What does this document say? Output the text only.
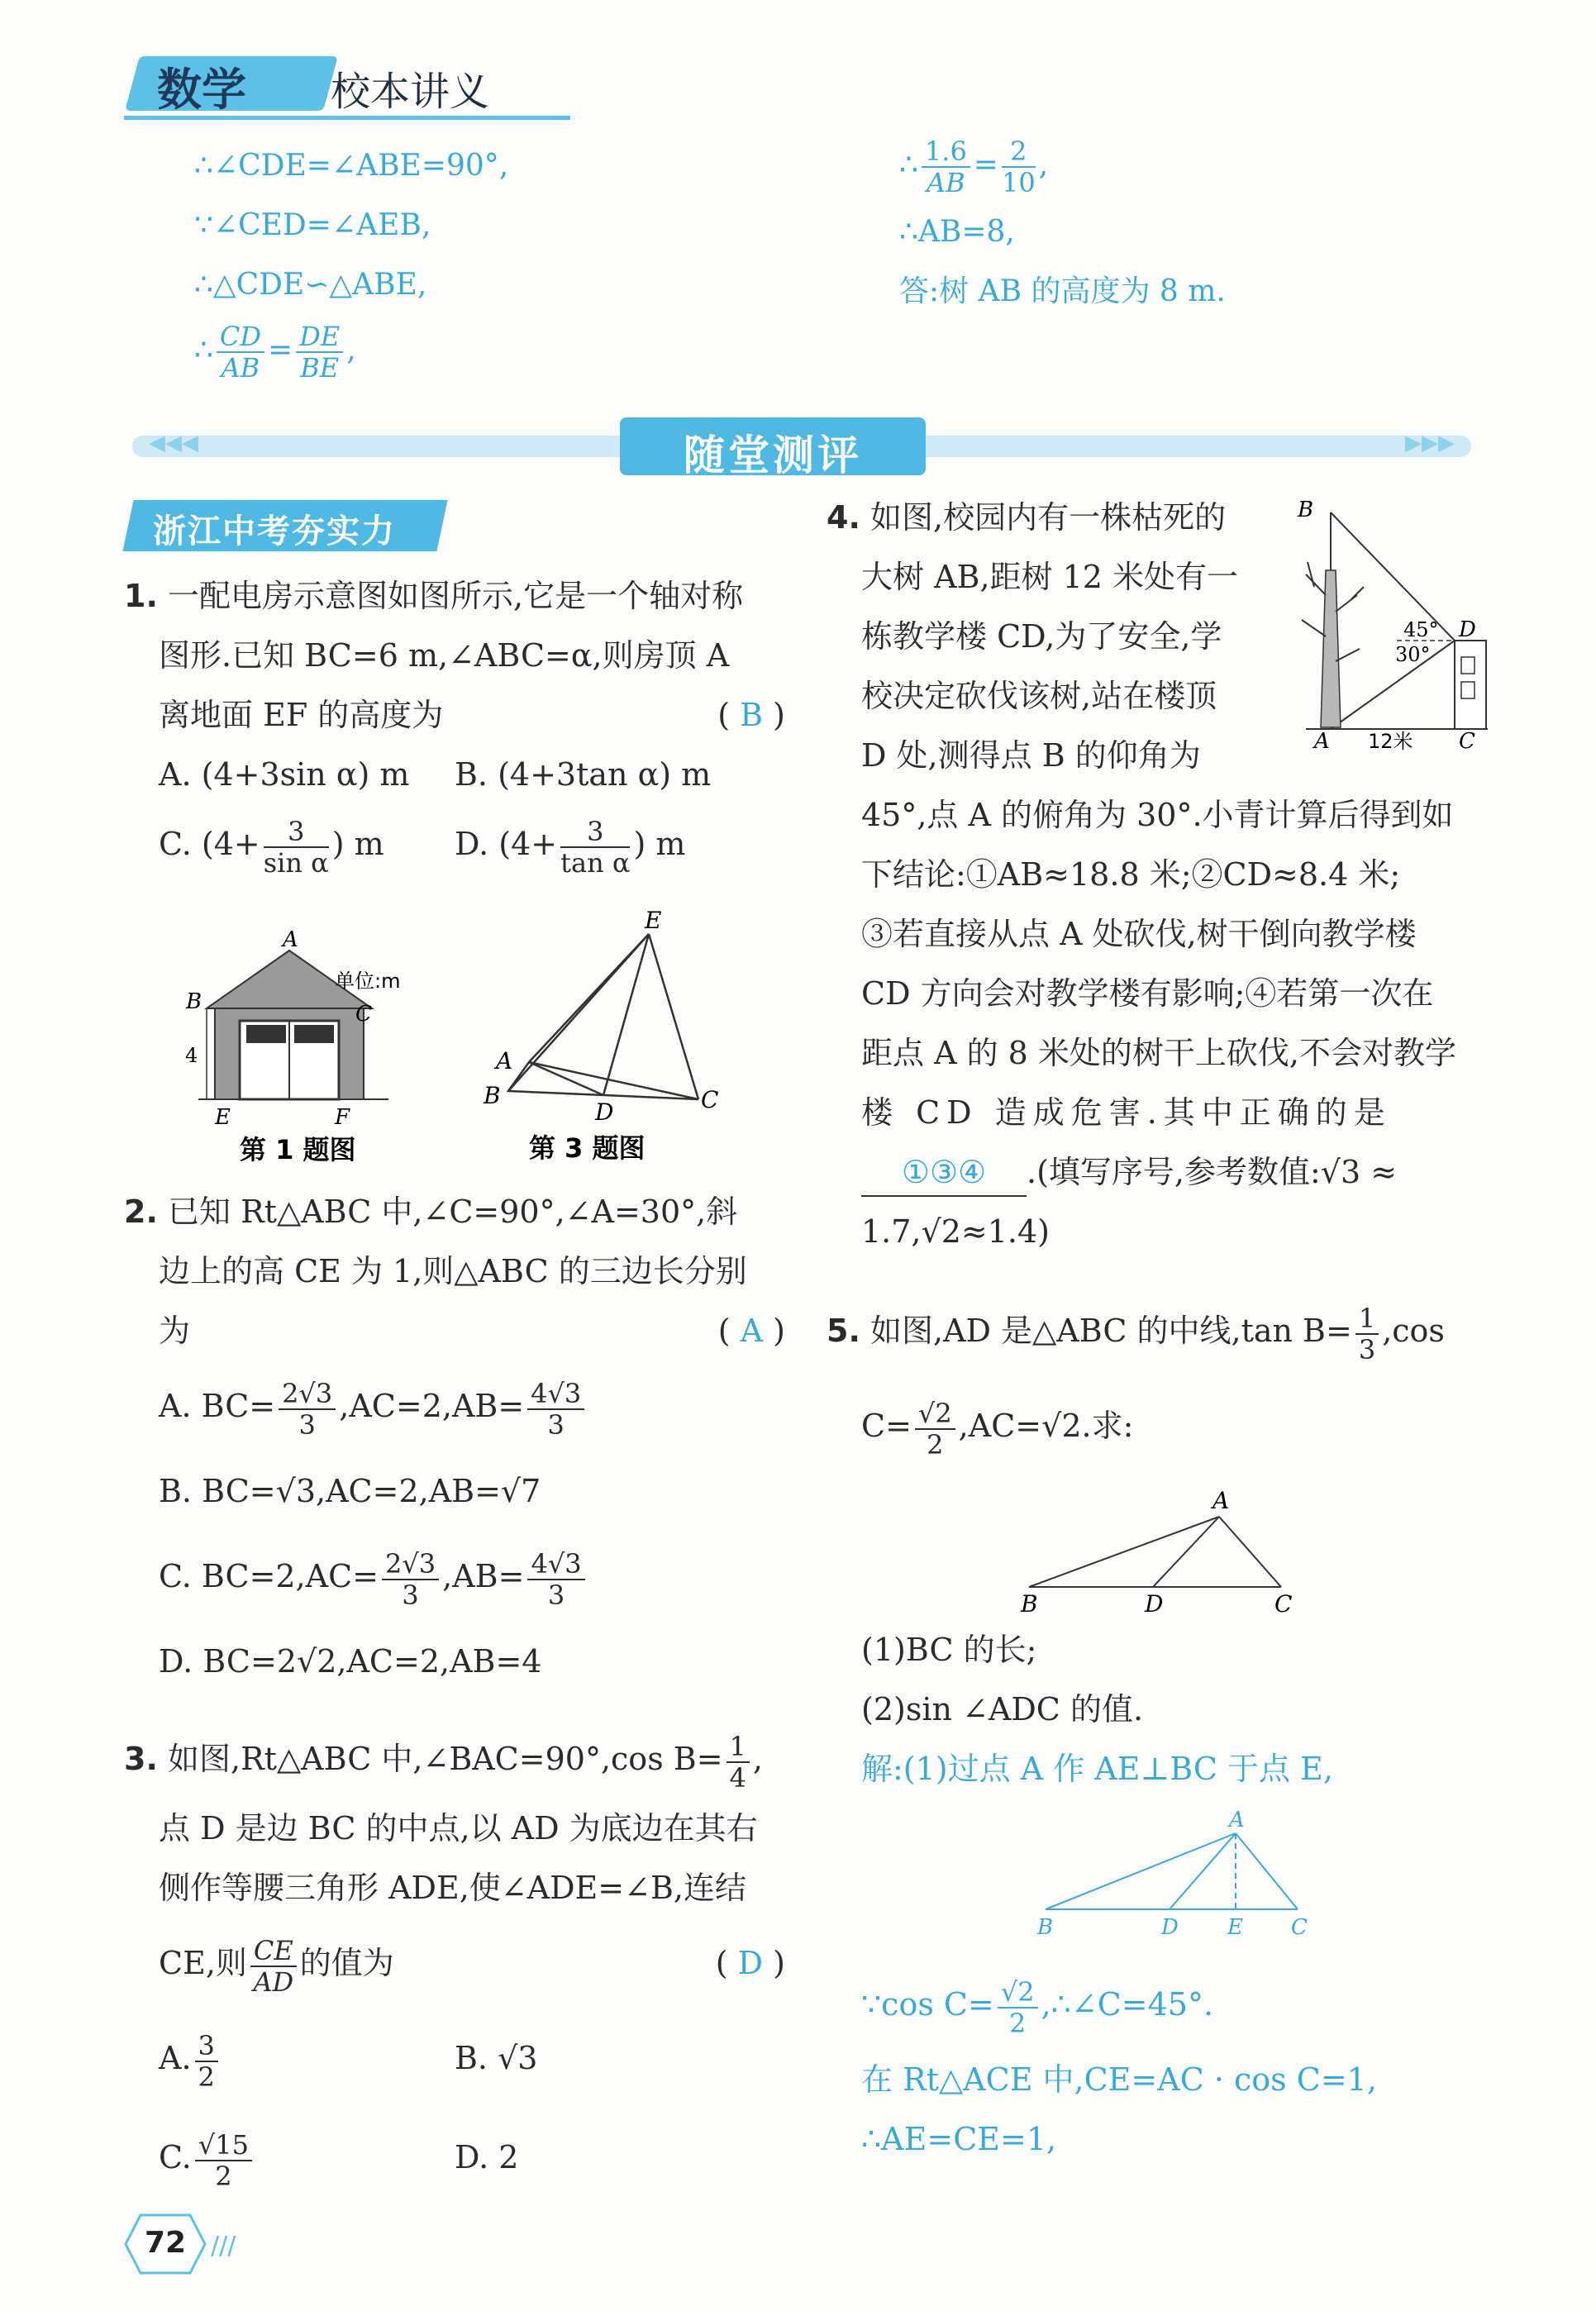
数学 校本讲义
∴∠CDE=∠ABE=90°,
∵∠CED=∠AEB,
∴△CDE∽△ABE,
∴ $\frac{CD}{AB} = \frac{DE}{BE}$ ,
∴ $\frac{1.6}{AB} = \frac{2}{10}$ ,
∴AB=8,
答:树 AB 的高度为 8 m.
◀◀◀	▶▶▶
随堂测评
浙江中考夯实力
1. 一配电房示意图如图所示,它是一个轴对称
图形.已知 BC=6 m,∠ABC=α,则房顶 A
离地面 EF 的高度为	( B )
A. (4+3sin α) m B. (4+3tan α) m
C. ($4+ \frac{3}{\text{sin α}}$ ) m D. ($4+ \frac{3}{\text{tan α}}$ ) m
A
B	C
E	F
4
单位:m
第 1 题图
E
A
B
D	C
第 3 题图
2. 已知 Rt△ABC 中,∠C=90°,∠A=30°,斜
边上的高 CE 为 1,则△ABC 的三边长分别
为	( A )
A. $BC= \frac{2√3}{3} ,AC=2,AB= \frac{4√3}{3}$
B. BC=√3,AC=2,AB=√7
C. $BC=2,AC= \frac{2√3}{3} ,AB= \frac{4√3}{3}$
D. BC=2√2,AC=2,AB=4
3. 如图,Rt△ABC 中,∠BAC=90°,cos $B= \frac{1}{4}$ ,
点 D 是边 BC 的中点,以 AD 为底边在其右
侧作等腰三角形 ADE,使∠ADE=∠B,连结
CE,则 $\frac{CE}{AD}$ 的值为	( D )
A. $\frac{3}{2}$	B. √3
C. $\frac{√15}{2}$	D. 2
4. 如图,校园内有一株枯死的
大树 AB,距树 12 米处有一
栋教学楼 CD,为了安全,学
校决定砍伐该树,站在楼顶
D 处,测得点 B 的仰角为
45°,点 A 的俯角为 30°.小青计算后得到如
下结论:①AB≈18.8 米;②CD≈8.4 米;
③若直接从点 A 处砍伐,树干倒向教学楼
CD 方向会对教学楼有影响;④若第一次在
距点 A 的 8 米处的树干上砍伐,不会对教学
楼 CD 造成危害.其中正确的是
①③④ .(填写序号,参考数值:√3 ≈
1.7,√2≈1.4)
B
D
45°
30°
A	C
12米
5. 如图,AD 是△ABC 的中线,tan $B= \frac{1}{3} ,\cos$
$C= \frac{√2}{2} ,AC=√2$.求:
A
B	D	C
(1)BC 的长;
(2)sin ∠ADC 的值.
解:(1)过点 A 作 AE⊥BC 于点 E,
A
B	D E C
∵cos $C= \frac{√2}{2}$ ,∴∠C=45°.
在 Rt△ACE 中,CE=AC · cos C=1,
∴AE=CE=1,
72 ///
